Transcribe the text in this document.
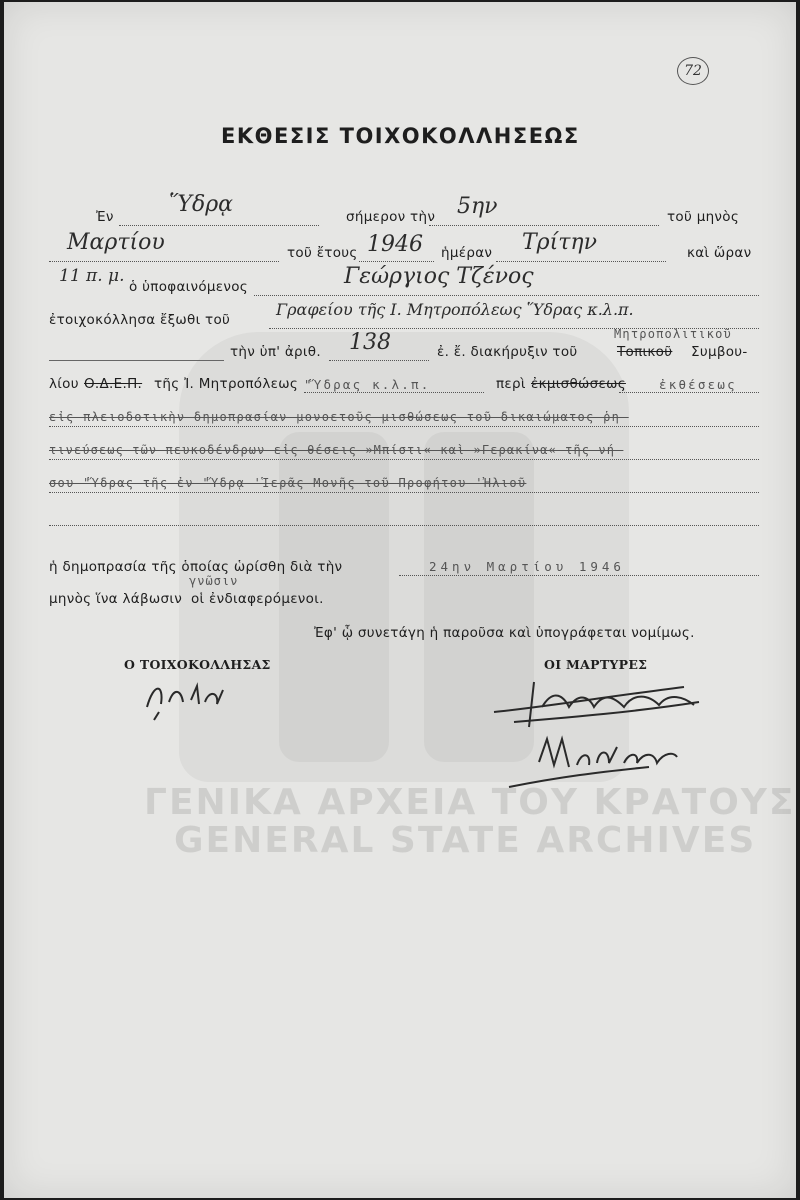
72
ΕΚΘΕΣΙΣ ΤΟΙΧΟΚΟΛΛΗΣΕΩΣ
Ἐν	Ὕδρᾳ	σήμερον τὴν 5ην	τοῦ μηνὸς
Μαρτίου	τοῦ ἔτους 1946 ἡμέραν Τρίτην	καὶ ὥραν
11 π. μ.
ὁ ὑποφαινόμενος	Γεώργιος Τζένος
ἐτοιχοκόλλησα ἔξωθι τοῦ
Γραφείου τῆς Ι. Μητροπόλεως Ὕδρας κ.λ.π.
τὴν ὑπ' ἀριθ. 138	ἐ. ἔ. διακήρυξιν τοῦ	Τοπικοῦ
Μητροπολιτικοῦ
Συμβου-
λίου Ο.Δ.Ε.Π. τῆς Ἰ. Μητροπόλεως "Ὕδρας κ.λ.π.	περὶ ἐκμισθώσεως	ἐκθέσεως
εἰς πλειοδοτικὴν δημοπρασίαν μονοετοῦς μισθώσεως τοῦ δικαιώματος ῥη-
τινεύσεως τῶν πευκοδένδρων εἰς θέσεις »Μπίστι« καὶ »Γερακίνα« τῆς νή-
σου "Ὕδρας τῆς ἐν "Ὕδρᾳ 'Ἱερᾶς Μονῆς τοῦ Προφήτου 'Ἠλιοῦ
ἡ δημοπρασία τῆς ὁποίας ὡρίσθη διὰ τὴν	24ην Μαρτίου 1946
μηνὸς ἵνα λάβωσιν
γνῶσιν
οἱ ἐνδιαφερόμενοι.
Ἐφ' ᾧ συνετάγη ἡ παροῦσα καὶ ὑπογράφεται νομίμως.
Ο ΤΟΙΧΟΚΟΛΛΗΣΑΣ	ΟΙ ΜΑΡΤΥΡΕΣ
ΓΕΝΙΚΑ ΑΡΧΕΙΑ ΤΟΥ ΚΡΑΤΟΥΣ
GENERAL STATE ARCHIVES
